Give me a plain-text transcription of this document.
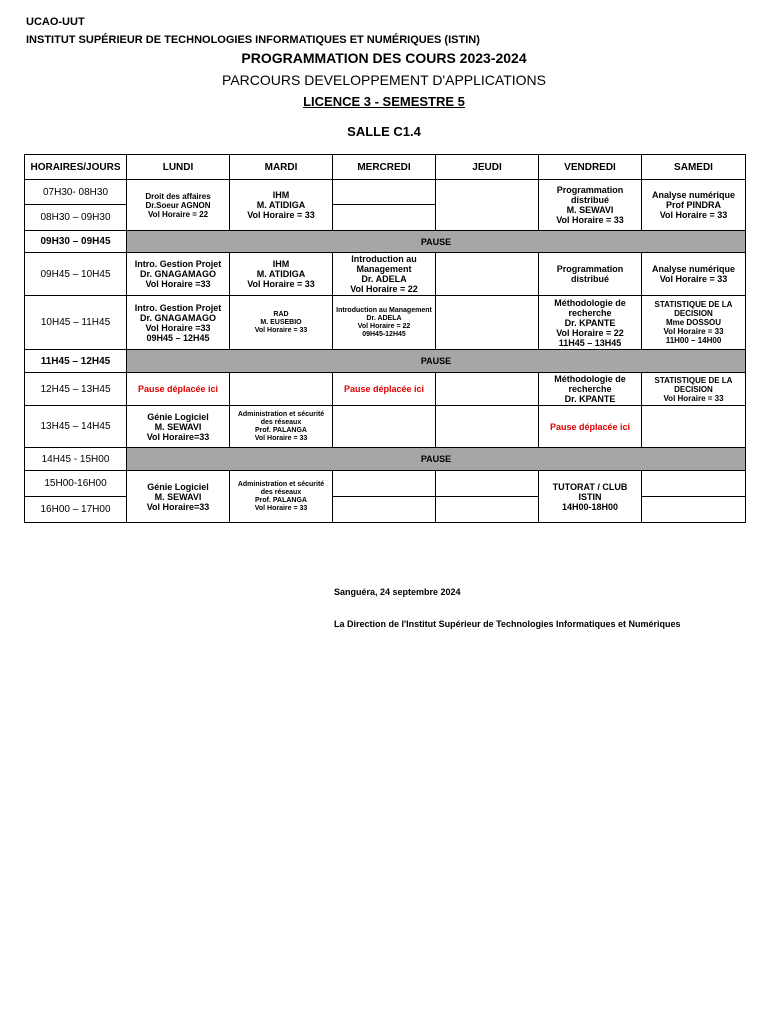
UCAO-UUT
INSTITUT SUPÉRIEUR DE TECHNOLOGIES INFORMATIQUES ET NUMÉRIQUES (ISTIN)
PROGRAMMATION DES COURS 2023-2024
PARCOURS DEVELOPPEMENT D'APPLICATIONS
LICENCE 3 - SEMESTRE 5
SALLE C1.4
HORAIRES/JOURS	LUNDI	MARDI	MERCREDI	JEUDI	VENDREDI	SAMEDI
07H30- 08H30	Droit des affaires
Dr.Soeur AGNON
Vol Horaire = 22	IHM
M. ATIDIGA
Vol Horaire = 33			Programmation distribué
M. SEWAVI
Vol Horaire = 33	Analyse numérique
Prof PINDRA
Vol Horaire = 33

08H30 – 09H30						
09H30 – 09H45	PAUSE					
09H45 – 10H45	Intro. Gestion Projet
Dr. GNAGAMAGO
Vol Horaire =33	IHM
M. ATIDIGA
Vol Horaire = 33	Introduction au Management
Dr. ADELA
Vol Horaire = 22		Programmation distribué	Analyse numérique
Vol Horaire = 33

10H45 – 11H45	Intro. Gestion Projet
Dr. GNAGAMAGO
Vol Horaire =33
09H45 – 12H45	RAD
M. EUSEBIO
Vol Horaire = 33	Introduction au Management
Dr. ADELA
Vol Horaire = 22
09H45-12H45		Méthodologie de recherche
Dr. KPANTE
Vol Horaire = 22
11H45 – 13H45	STATISTIQUE DE LA DECISION
Mme DOSSOU
Vol Horaire = 33
11H00 – 14H00

11H45 – 12H45	PAUSE					
12H45 – 13H45	Pause déplacée ici		Pause déplacée ici		Méthodologie de recherche
Dr. KPANTE	STATISTIQUE DE LA DECISION
Vol Horaire = 33

13H45 – 14H45	Génie Logiciel
M. SEWAVI
Vol Horaire=33	Administration et sécurité des réseaux
Prof. PALANGA
Vol Horaire = 33			Pause déplacée ici	
14H45 - 15H00	PAUSE					
15H00-16H00	Génie Logiciel
M. SEWAVI
Vol Horaire=33	Administration et sécurité des réseaux
Prof. PALANGA
Vol Horaire = 33			TUTORAT / CLUB ISTIN
14H00-18H00	

16H00 – 17H00						
Sanguéra, 24 septembre 2024
La Direction de l'Institut Supérieur de Technologies Informatiques et Numériques
